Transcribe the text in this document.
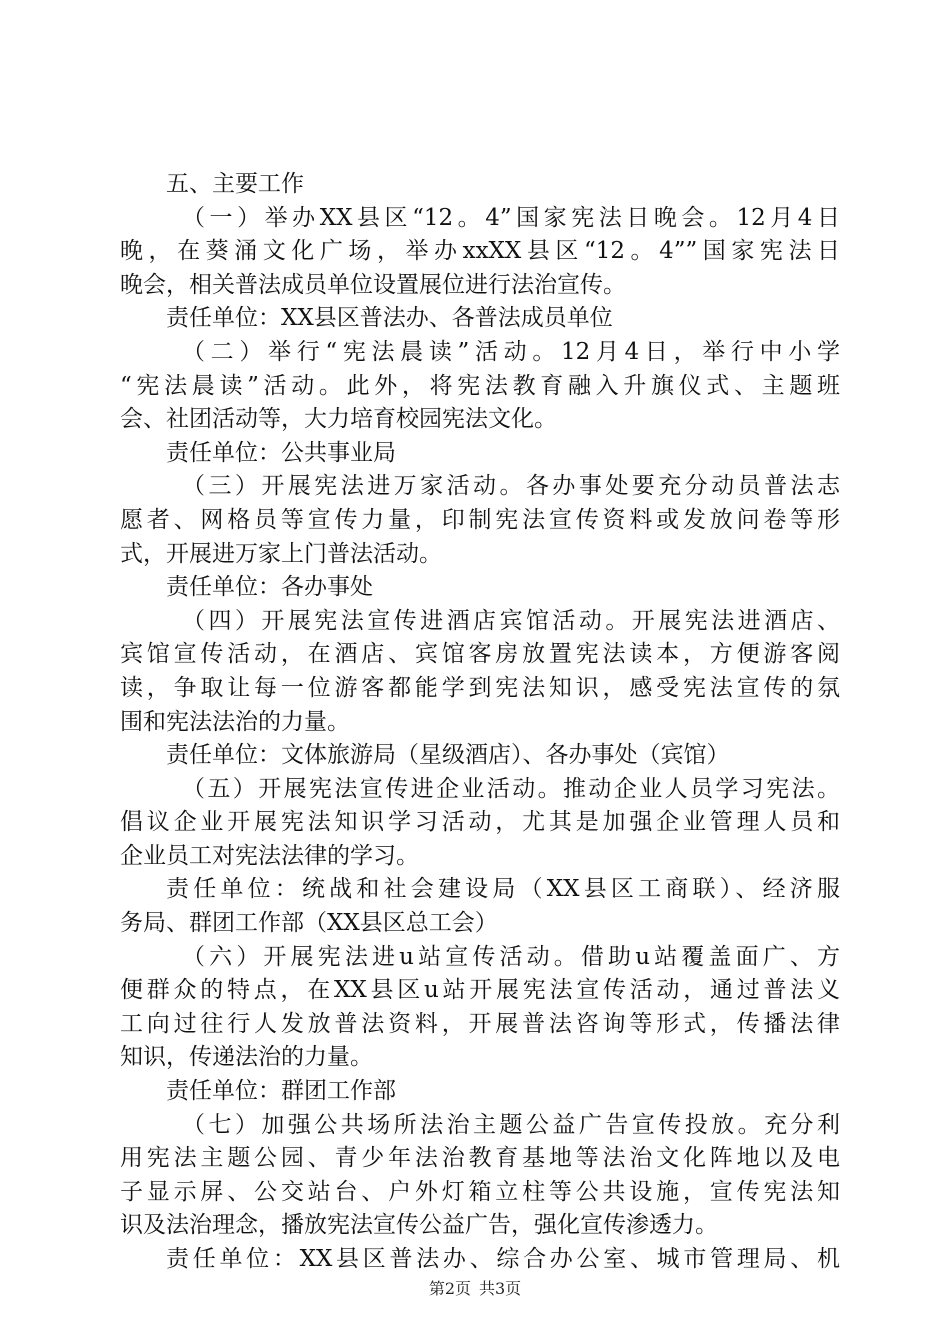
五、主要工作
（一）举办XX县区“12。4”国家宪法日晚会。12月4日
晚，在葵涌文化广场，举办xxXX县区“12。4””国家宪法日
晚会，相关普法成员单位设置展位进行法治宣传。
责任单位：XX县区普法办、各普法成员单位
（二）举行“宪法晨读”活动。12月4日，举行中小学
“宪法晨读”活动。此外，将宪法教育融入升旗仪式、主题班
会、社团活动等，大力培育校园宪法文化。
责任单位：公共事业局
（三）开展宪法进万家活动。各办事处要充分动员普法志
愿者、网格员等宣传力量，印制宪法宣传资料或发放问卷等形
式，开展进万家上门普法活动。
责任单位：各办事处
（四）开展宪法宣传进酒店宾馆活动。开展宪法进酒店、
宾馆宣传活动，在酒店、宾馆客房放置宪法读本，方便游客阅
读，争取让每一位游客都能学到宪法知识，感受宪法宣传的氛
围和宪法法治的力量。
责任单位：文体旅游局（星级酒店）、各办事处（宾馆）
（五）开展宪法宣传进企业活动。推动企业人员学习宪法。
倡议企业开展宪法知识学习活动，尤其是加强企业管理人员和
企业员工对宪法法律的学习。
责任单位：统战和社会建设局（XX县区工商联）、经济服
务局、群团工作部（XX县区总工会）
（六）开展宪法进u站宣传活动。借助u站覆盖面广、方
便群众的特点，在XX县区u站开展宪法宣传活动，通过普法义
工向过往行人发放普法资料，开展普法咨询等形式，传播法律
知识，传递法治的力量。
责任单位：群团工作部
（七）加强公共场所法治主题公益广告宣传投放。充分利
用宪法主题公园、青少年法治教育基地等法治文化阵地以及电
子显示屏、公交站台、户外灯箱立柱等公共设施，宣传宪法知
识及法治理念，播放宪法宣传公益广告，强化宣传渗透力。
责任单位：XX县区普法办、综合办公室、城市管理局、机
第2页 共3页
